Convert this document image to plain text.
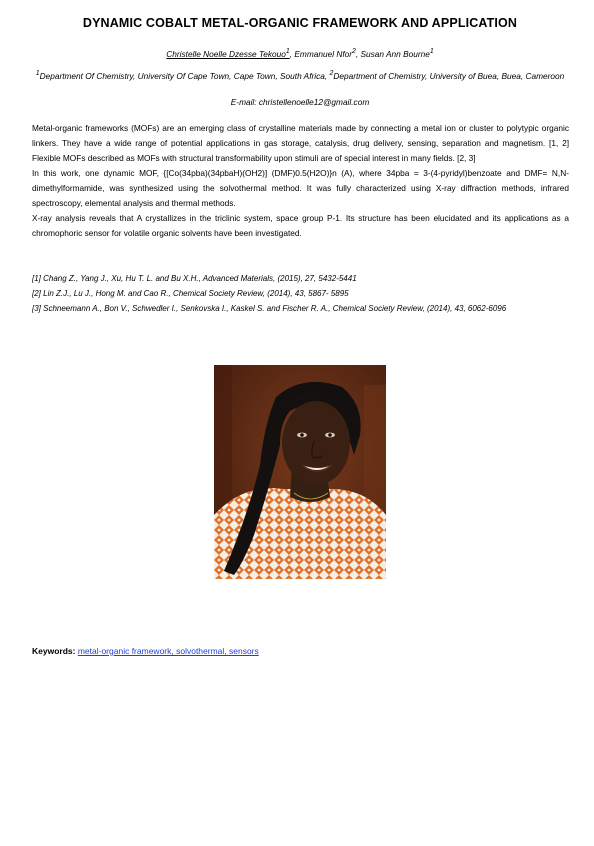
DYNAMIC COBALT METAL-ORGANIC FRAMEWORK AND APPLICATION
Christelle Noelle Dzesse Tekouo$^1$, Emmanuel Nfor$^2$, Susan Ann Bourne$^1$
$^1$Department Of Chemistry, University Of Cape Town, Cape Town, South Africa, $^2$Department of Chemistry, University of Buea, Buea, Cameroon
E-mail: christellenoelle12@gmail.com

Metal-organic frameworks (MOFs) are an emerging class of crystalline materials made by connecting a metal ion or cluster to polytypic organic linkers. They have a wide range of potential applications in gas storage, catalysis, drug delivery, sensing, separation and magnetism. [1, 2] Flexible MOFs described as MOFs with structural transformability upon stimuli are of special interest in many fields. [2, 3]

In this work, one dynamic MOF, {[Co(34pba)(34pbaH)(OH2)] (DMF)0.5(H2O)}n (A), where 34pba = 3-(4-pyridyl)benzoate and DMF= N,N-dimethylformamide, was synthesized using the solvothermal method. It was fully characterized using X-ray diffraction methods, infrared spectroscopy, elemental analysis and thermal methods.

X-ray analysis reveals that A crystallizes in the triclinic system, space group P-1. Its structure has been elucidated and its applications as a chromophoric sensor for volatile organic solvents have been investigated.

[1] Chang Z., Yang J., Xu, Hu T. L. and Bu X.H., Advanced Materials, (2015), 27, 5432-5441
[2] Lin Z.J., Lu J., Hong M. and Cao R., Chemical Society Review, (2014), 43, 5867- 5895
[3] Schneemann A., Bon V., Schwedler I., Senkovska I., Kaskel S. and Fischer R. A., Chemical Society Review, (2014), 43, 6062-6096
Keywords: metal-organic framework, solvothermal, sensors
